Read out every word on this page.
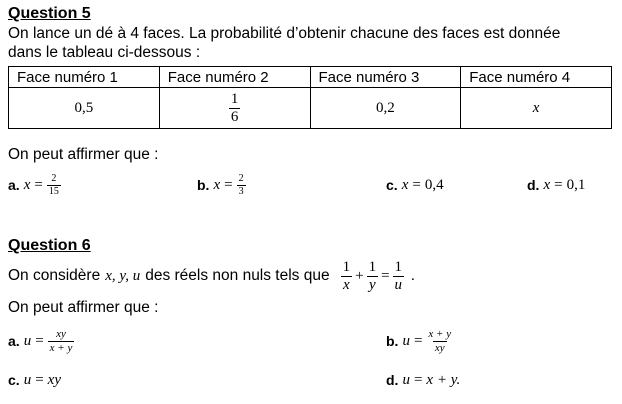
Question 5
On lance un dé à 4 faces. La probabilité d’obtenir chacune des faces est donnée
dans le tableau ci-dessous :
Face numéro 1	Face numéro 2	Face numéro 3	Face numéro 4
0,5	$\frac{1}{6}$	0,2	x
On peut affirmer que :
a. $x = \frac{2}{15}$	b. $x = \frac{2}{3}$	c. x = 0,4	d. x = 0,1
Question 6
On considère x, y, u des réels non nuls tels que $\frac{1}{x} + \frac{1}{y} = \frac{1}{u}$ .
On peut affirmer que :
a. $u = \frac{xy}{x + y}$	b. $u = \frac{x + y}{xy}$
c. u = xy	d. u = x + y.
